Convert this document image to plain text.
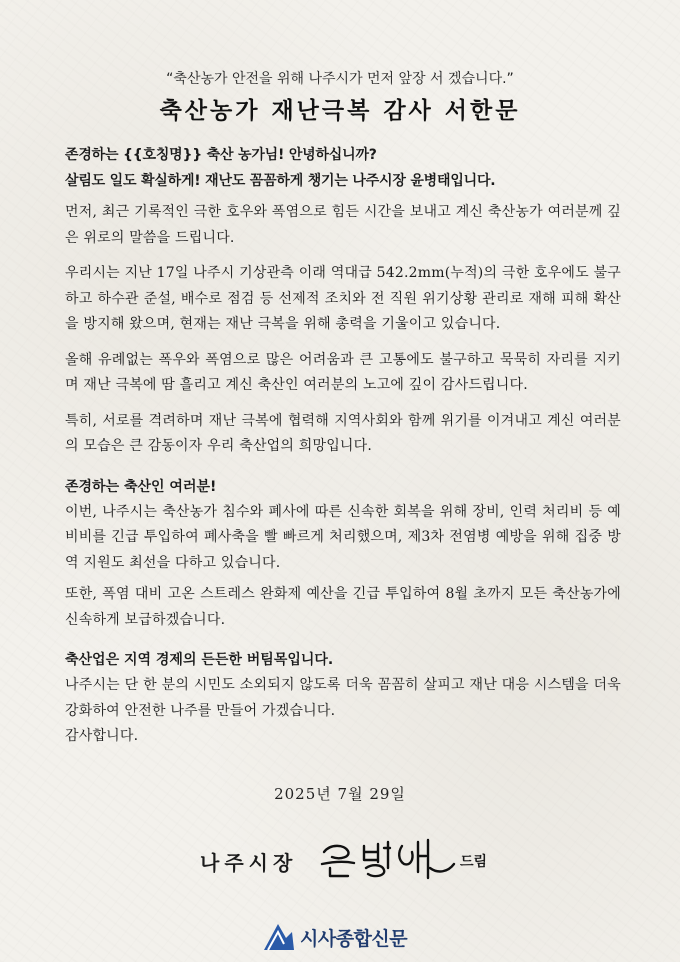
“축산농가 안전을 위해 나주시가 먼저 앞장 서 겠습니다.”
축산농가 재난극복 감사 서한문
존경하는 {{호칭명}} 축산 농가님! 안녕하십니까?
살림도 일도 확실하게! 재난도 꼼꼼하게 챙기는 나주시장 윤병태입니다.

먼저, 최근 기록적인 극한 호우와 폭염으로 힘든 시간을 보내고 계신 축산농가 여러분께 깊은 위로의 말씀을 드립니다.

우리시는 지난 17일 나주시 기상관측 이래 역대급 542.2mm(누적)의 극한 호우에도 불구하고 하수관 준설, 배수로 점검 등 선제적 조치와 전 직원 위기상황 관리로 재해 피해 확산을 방지해 왔으며, 현재는 재난 극복을 위해 총력을 기울이고 있습니다.

올해 유례없는 폭우와 폭염으로 많은 어려움과 큰 고통에도 불구하고 묵묵히 자리를 지키며 재난 극복에 땀 흘리고 계신 축산인 여러분의 노고에 깊이 감사드립니다.

특히, 서로를 격려하며 재난 극복에 협력해 지역사회와 함께 위기를 이겨내고 계신 여러분의 모습은 큰 감동이자 우리 축산업의 희망입니다.

존경하는 축산인 여러분!

이번, 나주시는 축산농가 침수와 폐사에 따른 신속한 회복을 위해 장비, 인력 처리비 등 예비비를 긴급 투입하여 폐사축을 빨 빠르게 처리했으며, 제3차 전염병 예방을 위해 집중 방역 지원도 최선을 다하고 있습니다.

또한, 폭염 대비 고온 스트레스 완화제 예산을 긴급 투입하여 8월 초까지 모든 축산농가에 신속하게 보급하겠습니다.

축산업은 지역 경제의 든든한 버팀목입니다.

나주시는 단 한 분의 시민도 소외되지 않도록 더욱 꼼꼼히 살피고 재난 대응 시스템을 더욱 강화하여 안전한 나주를 만들어 가겠습니다.

감사합니다.

2025년 7월 29일
나주시장	드림
시사종합신문
